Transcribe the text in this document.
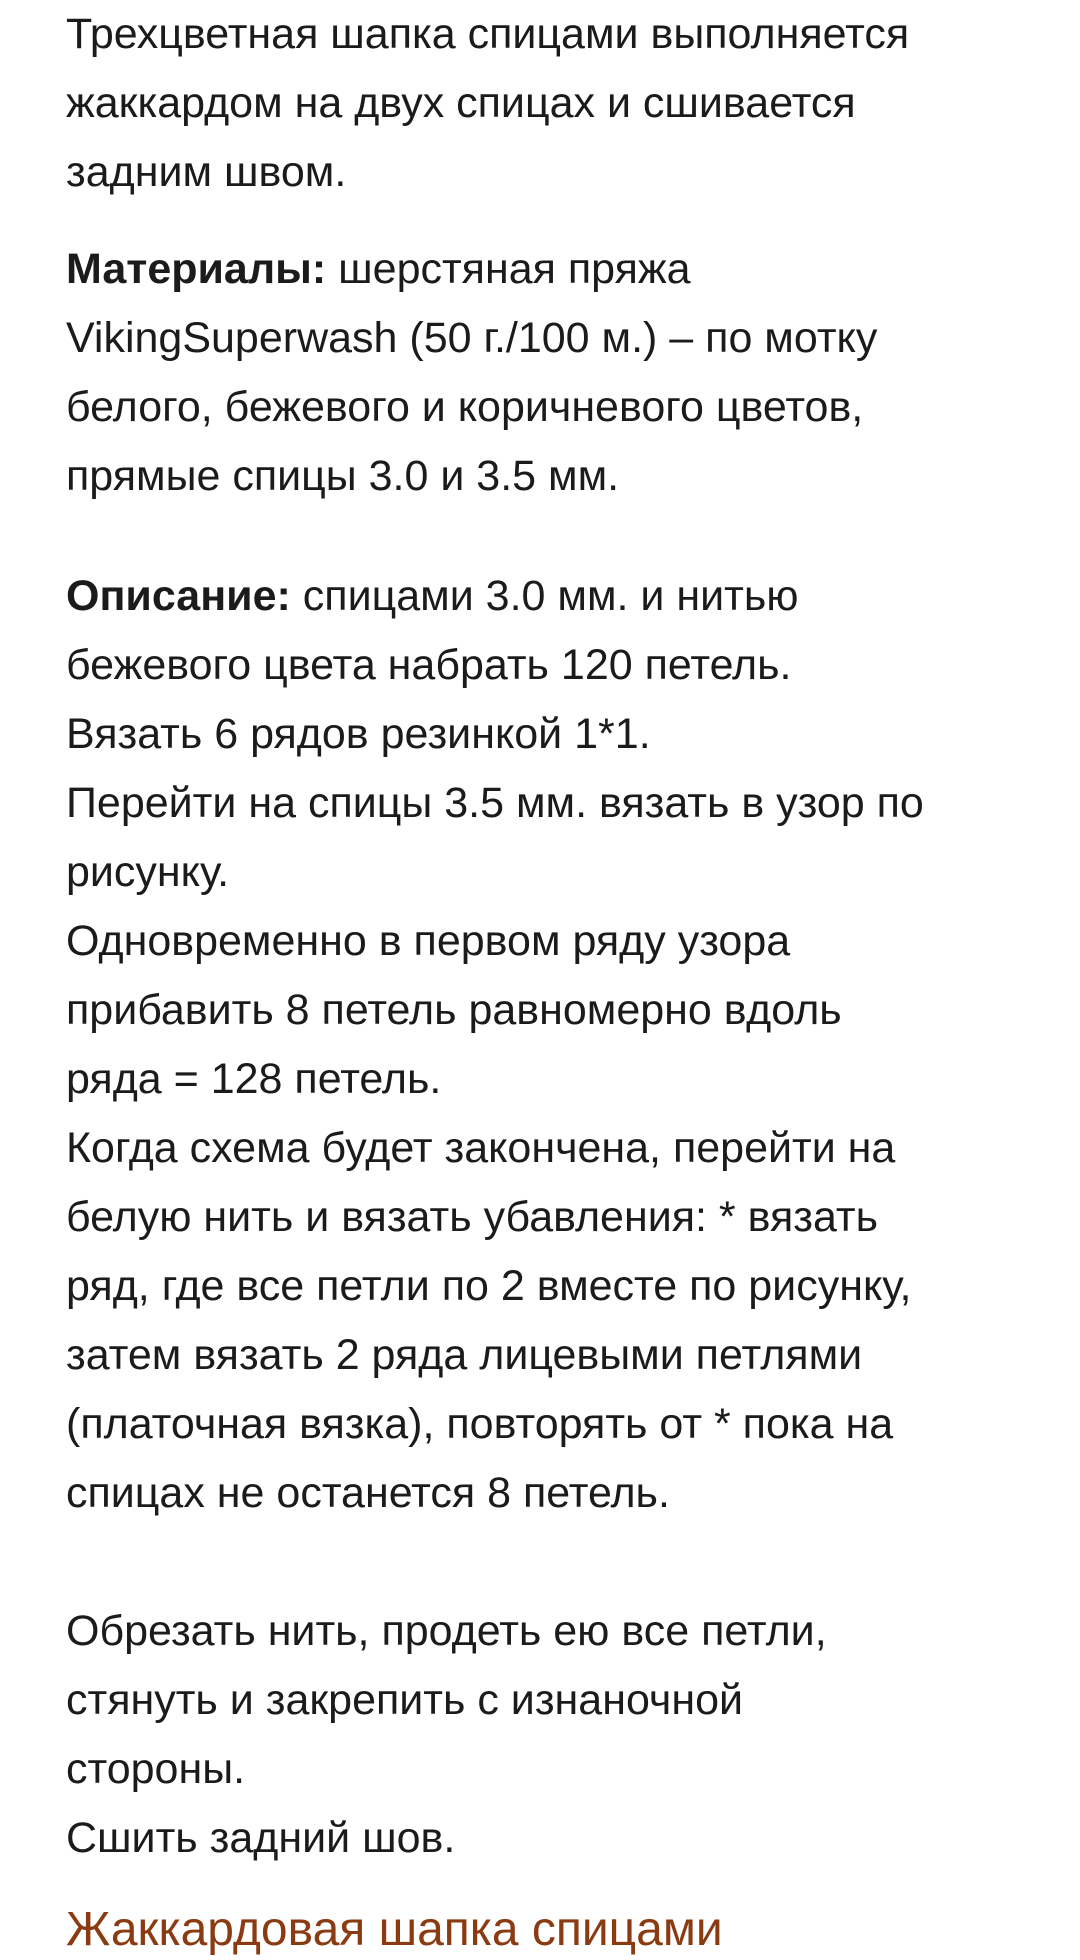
Трехцветная шапка спицами выполняется
жаккардом на двух спицах и сшивается
задним швом.

Материалы: шерстяная пряжа
VikingSuperwash (50 г./100 м.) – по мотку
белого, бежевого и коричневого цветов,
прямые спицы 3.0 и 3.5 мм.

Описание: спицами 3.0 мм. и нитью
бежевого цвета набрать 120 петель.
Вязать 6 рядов резинкой 1*1.
Перейти на спицы 3.5 мм. вязать в узор по
рисунку.
Одновременно в первом ряду узора
прибавить 8 петель равномерно вдоль
ряда = 128 петель.
Когда схема будет закончена, перейти на
белую нить и вязать убавления: * вязать
ряд, где все петли по 2 вместе по рисунку,
затем вязать 2 ряда лицевыми петлями
(платочная вязка), повторять от * пока на
спицах не останется 8 петель.

Обрезать нить, продеть ею все петли,
стянуть и закрепить с изнаночной
стороны.
Сшить задний шов.

Жаккардовая шапка спицами
